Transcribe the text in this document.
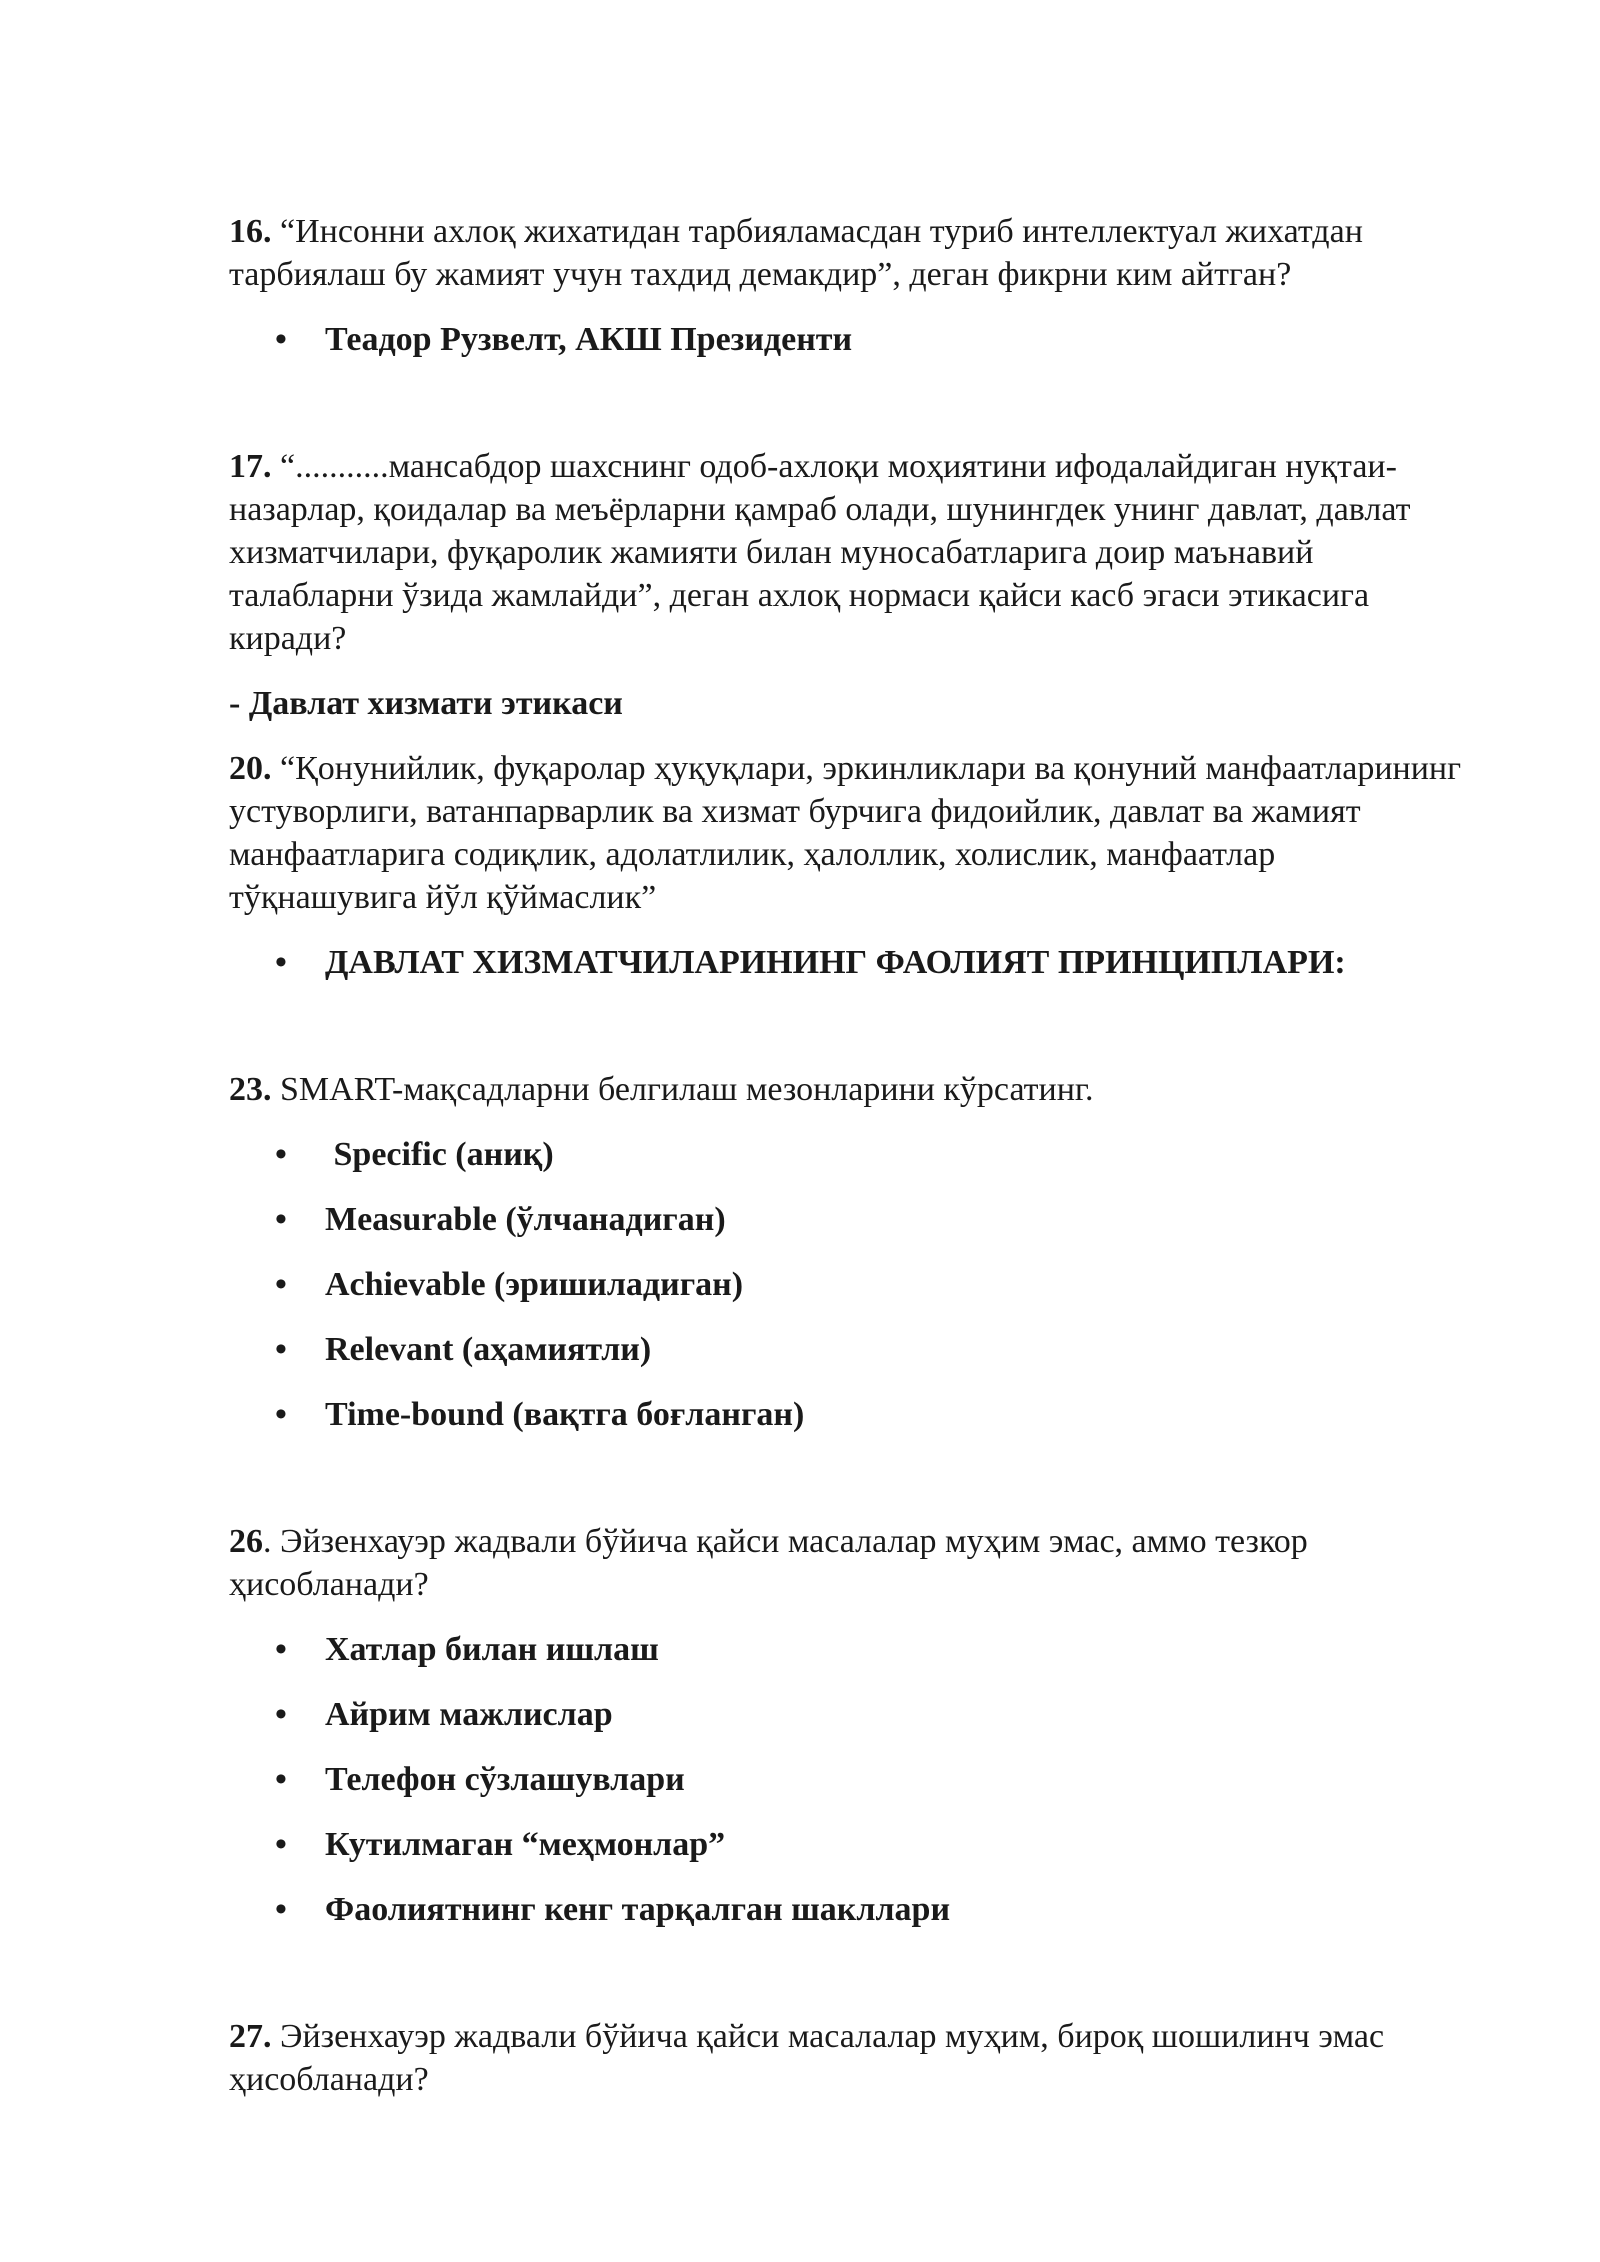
16. “Инсонни ахлоқ жихатидан тарбияламасдан туриб интеллектуал жихатдан тарбиялаш бу жамият учун тахдид демакдир”, деган фикрни ким айтган?

• Теадор Рузвелт, АКШ Президенти

17. “...........мансабдор шахснинг одоб-ахлоқи моҳиятини ифодалайдиган нуқтаи-назарлар, қоидалар ва меъёрларни қамраб олади, шунингдек унинг давлат, давлат хизматчилари, фуқаролик жамияти билан муносабатларига доир маънавий талабларни ўзида жамлайди”, деган ахлоқ нормаси қайси касб эгаси этикасига киради?

- Давлат хизмати этикаси

20. “Қонунийлик, фуқаролар ҳуқуқлари, эркинликлари ва қонуний манфаатларининг устуворлиги, ватанпарварлик ва хизмат бурчига фидоийлик, давлат ва жамият манфаатларига содиқлик, адолатлилик, ҳалоллик, холислик, манфаатлар тўқнашувига йўл қўймаслик”

• ДАВЛАТ ХИЗМАТЧИЛАРИНИНГ ФАОЛИЯТ ПРИНЦИПЛАРИ:

23. SMART-мақсадларни белгилаш мезонларини кўрсатинг.

• Specific (аниқ)
• Measurable (ўлчанадиган)
• Achievable (эришиладиган)
• Relevant (аҳамиятли)
• Time-bound (вақтга боғланган)

26. Эйзенхауэр жадвали бўйича қайси масалалар муҳим эмас, аммо тезкор ҳисобланади?

• Хатлар билан ишлаш
• Айрим мажлислар
• Телефон сўзлашувлари
• Кутилмаган “меҳмонлар”
• Фаолиятнинг кенг тарқалган шакллари

27. Эйзенхауэр жадвали бўйича қайси масалалар муҳим, бироқ шошилинч эмас ҳисобланади?
